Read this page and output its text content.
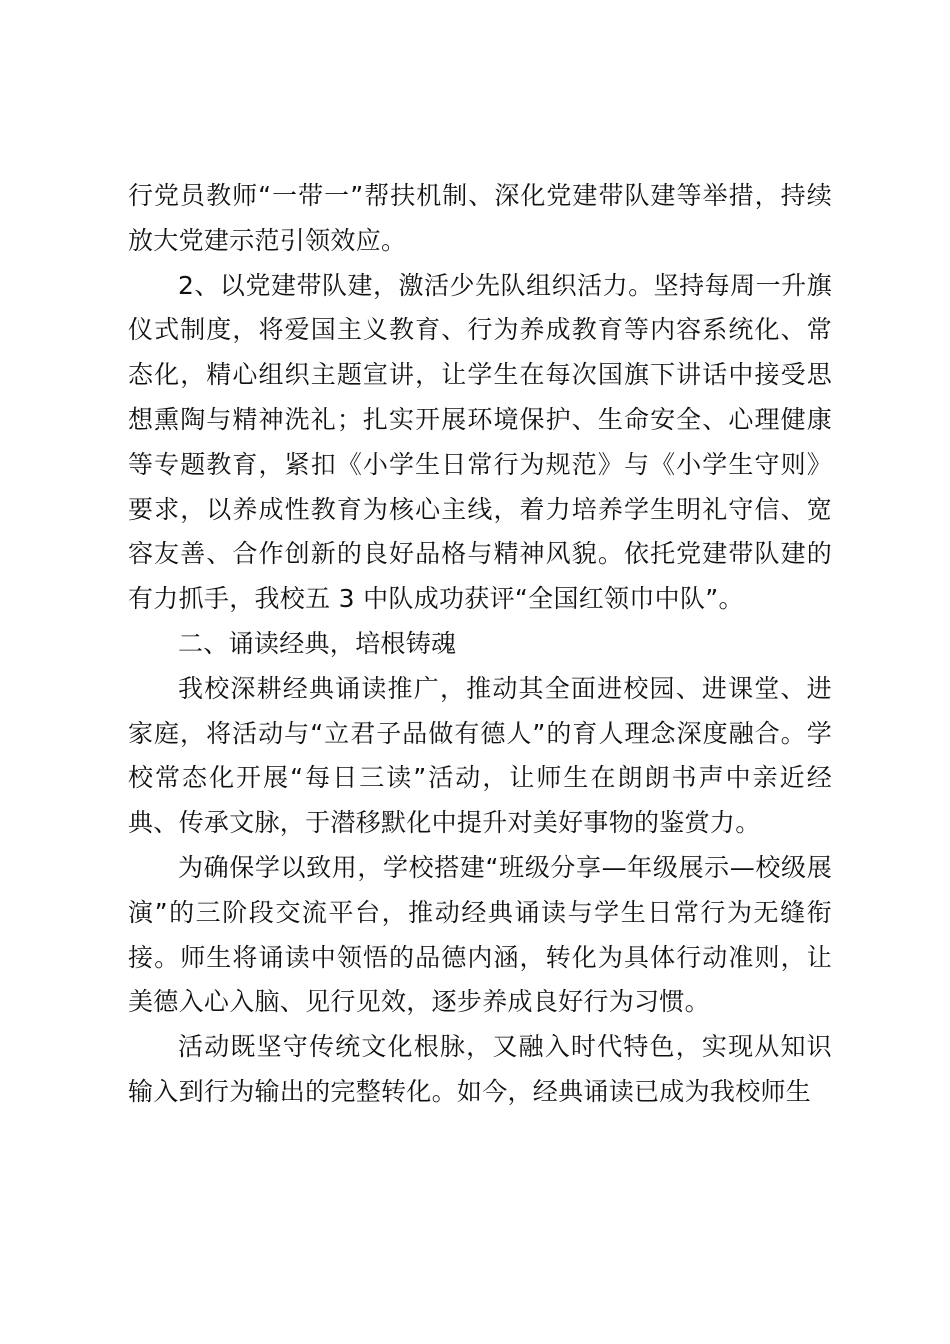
行党员教师“一带一”帮扶机制、深化党建带队建等举措，持续放大党建示范引领效应。

2、以党建带队建，激活少先队组织活力。坚持每周一升旗仪式制度，将爱国主义教育、行为养成教育等内容系统化、常态化，精心组织主题宣讲，让学生在每次国旗下讲话中接受思想熏陶与精神洗礼；扎实开展环境保护、生命安全、心理健康等专题教育，紧扣《小学生日常行为规范》与《小学生守则》要求，以养成性教育为核心主线，着力培养学生明礼守信、宽容友善、合作创新的良好品格与精神风貌。依托党建带队建的有力抓手，我校五 3 中队成功获评“全国红领巾中队”。

二、诵读经典，培根铸魂

我校深耕经典诵读推广，推动其全面进校园、进课堂、进家庭，将活动与“立君子品做有德人”的育人理念深度融合。学校常态化开展“每日三读”活动，让师生在朗朗书声中亲近经典、传承文脉，于潜移默化中提升对美好事物的鉴赏力。

为确保学以致用，学校搭建“班级分享—年级展示—校级展演”的三阶段交流平台，推动经典诵读与学生日常行为无缝衔接。师生将诵读中领悟的品德内涵，转化为具体行动准则，让美德入心入脑、见行见效，逐步养成良好行为习惯。

活动既坚守传统文化根脉，又融入时代特色，实现从知识输入到行为输出的完整转化。如今，经典诵读已成为我校师生
